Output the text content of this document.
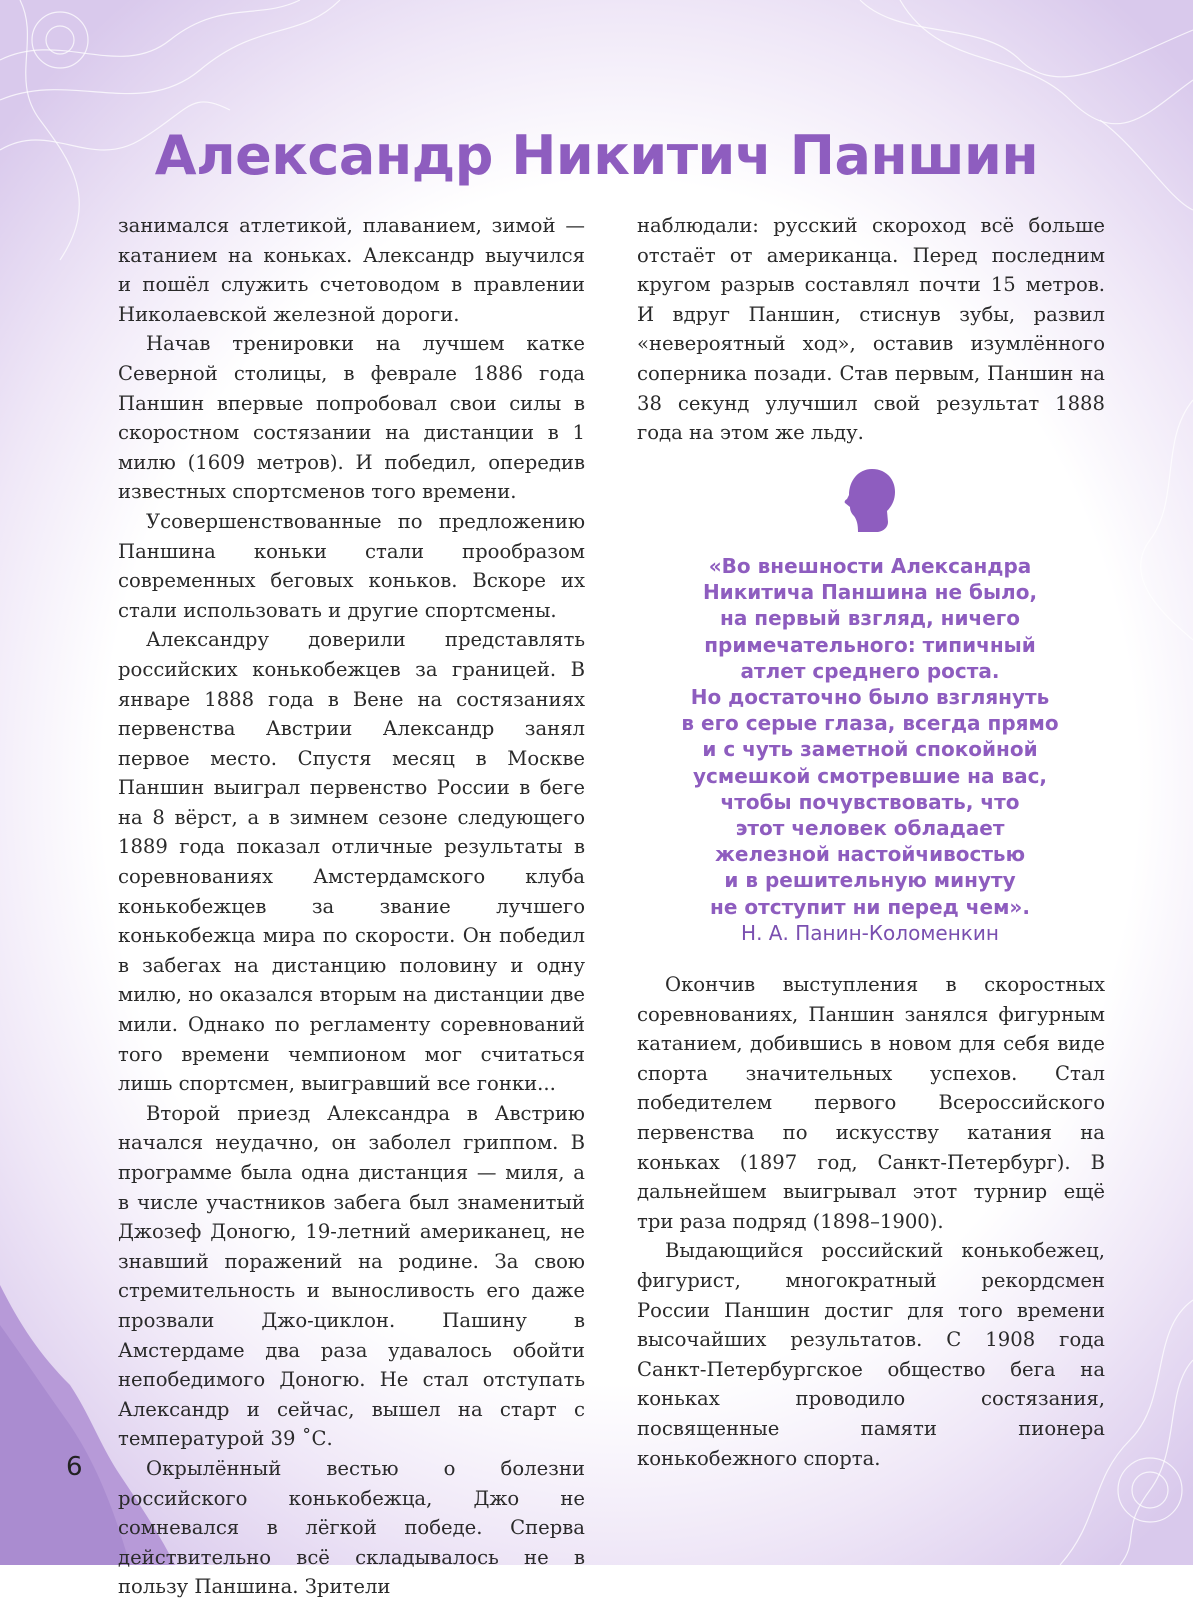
Александр Никитич Паншин

занимался атлетикой, плаванием, зимой — катанием на коньках. Александр выучился и пошёл служить счетоводом в правлении Николаевской железной дороги.

Начав тренировки на лучшем катке Северной столицы, в феврале 1886 года Паншин впервые попробовал свои силы в скоростном состязании на дистанции в 1 милю (1609 метров). И победил, опередив известных спортсменов того времени.

Усовершенствованные по предложению Паншина коньки стали прообразом современных беговых коньков. Вскоре их стали использовать и другие спортсмены.

Александру доверили представлять российских конькобежцев за границей. В январе 1888 года в Вене на состязаниях первенства Австрии Александр занял первое место. Спустя месяц в Москве Паншин выиграл первенство России в беге на 8 вёрст, а в зимнем сезоне следующего 1889 года показал отличные результаты в соревнованиях Амстердамского клуба конькобежцев за звание лучшего конькобежца мира по скорости. Он победил в забегах на дистанцию половину и одну милю, но оказался вторым на дистанции две мили. Однако по регламенту соревнований того времени чемпионом мог считаться лишь спортсмен, выигравший все гонки...

Второй приезд Александра в Австрию начался неудачно, он заболел гриппом. В программе была одна дистанция — миля, а в числе участников забега был знаменитый Джозеф Доногю, 19-летний американец, не знавший поражений на родине. За свою стремительность и выносливость его даже прозвали Джо-циклон. Пашину в Амстердаме два раза удавалось обойти непобедимого Доногю. Не стал отступать Александр и сейчас, вышел на старт с температурой 39 ˚С.

Окрылённый вестью о болезни российского конькобежца, Джо не сомневался в лёгкой победе. Сперва действительно всё складывалось не в пользу Паншина. Зрители

наблюдали: русский скороход всё больше отстаёт от американца. Перед последним кругом разрыв составлял почти 15 метров. И вдруг Паншин, стиснув зубы, развил «невероятный ход», оставив изумлённого соперника позади. Став первым, Паншин на 38 секунд улучшил свой результат 1888 года на этом же льду.

«Во внешности Александра
Никитича Паншина не было,
на первый взгляд, ничего
примечательного: типичный
атлет среднего роста.
Но достаточно было взглянуть
в его серые глаза, всегда прямо
и с чуть заметной спокойной
усмешкой смотревшие на вас,
чтобы почувствовать, что
этот человек обладает
железной настойчивостью
и в решительную минуту
не отступит ни перед чем».
Н. А. Панин-Коломенкин

Окончив выступления в скоростных соревнованиях, Паншин занялся фигурным катанием, добившись в новом для себя виде спорта значительных успехов. Стал победителем первого Всероссийского первенства по искусству катания на коньках (1897 год, Санкт-Петербург). В дальнейшем выигрывал этот турнир ещё три раза подряд (1898–1900).

Выдающийся российский конькобежец, фигурист, многократный рекордсмен России Паншин достиг для того времени высочайших результатов. С 1908 года Санкт-Петербургское общество бега на коньках проводило состязания, посвященные памяти пионера конькобежного спорта.

6
